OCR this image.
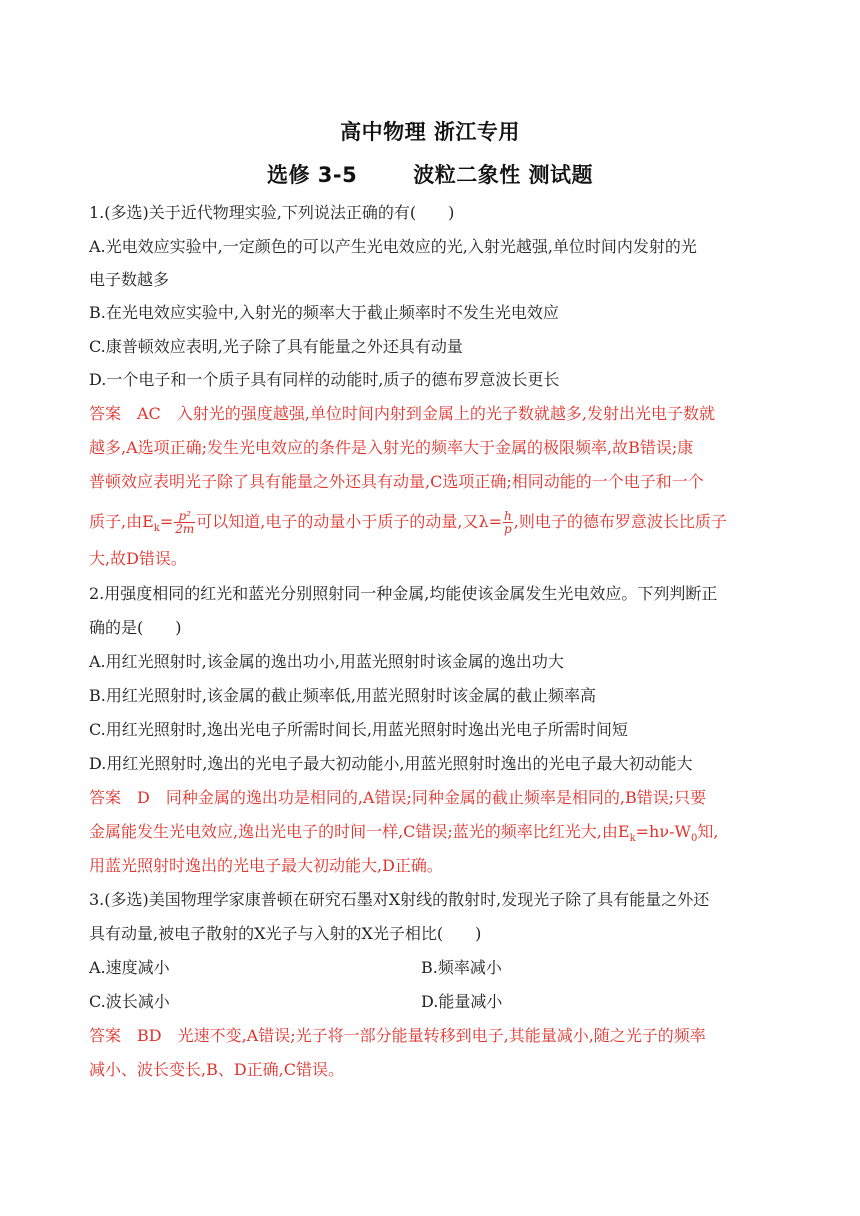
高中物理 浙江专用
选修 3-5	波粒二象性 测试题
1.(多选)关于近代物理实验,下列说法正确的有(　　)
A.光电效应实验中,一定颜色的可以产生光电效应的光,入射光越强,单位时间内发射的光
电子数越多
B.在光电效应实验中,入射光的频率大于截止频率时不发生光电效应
C.康普顿效应表明,光子除了具有能量之外还具有动量
D.一个电子和一个质子具有同样的动能时,质子的德布罗意波长更长
答案　AC　入射光的强度越强,单位时间内射到金属上的光子数就越多,发射出光电子数就
越多,A选项正确;发生光电效应的条件是入射光的频率大于金属的极限频率,故B错误;康
普顿效应表明光子除了具有能量之外还具有动量,C选项正确;相同动能的一个电子和一个
质子,由$E_k= \frac{\text{p²}}{2m}$ 可以知道,电子的动量小于质子的动量,又$\lambda= \frac{h}{p}$ ,则电子的德布罗意波长比质子
大,故D错误。
2.用强度相同的红光和蓝光分别照射同一种金属,均能使该金属发生光电效应。下列判断正
确的是(　　)
A.用红光照射时,该金属的逸出功小,用蓝光照射时该金属的逸出功大
B.用红光照射时,该金属的截止频率低,用蓝光照射时该金属的截止频率高
C.用红光照射时,逸出光电子所需时间长,用蓝光照射时逸出光电子所需时间短
D.用红光照射时,逸出的光电子最大初动能小,用蓝光照射时逸出的光电子最大初动能大
答案　D　同种金属的逸出功是相同的,A错误;同种金属的截止频率是相同的,B错误;只要
金属能发生光电效应,逸出光电子的时间一样,C错误;蓝光的频率比红光大,由$E_k=h\nu-W_0$知,
用蓝光照射时逸出的光电子最大初动能大,D正确。
3.(多选)美国物理学家康普顿在研究石墨对X射线的散射时,发现光子除了具有能量之外还
具有动量,被电子散射的X光子与入射的X光子相比(　　)
A.速度减小	B.频率减小
C.波长减小	D.能量减小
答案　BD　光速不变,A错误;光子将一部分能量转移到电子,其能量减小,随之光子的频率
减小、波长变长,B、D正确,C错误。
